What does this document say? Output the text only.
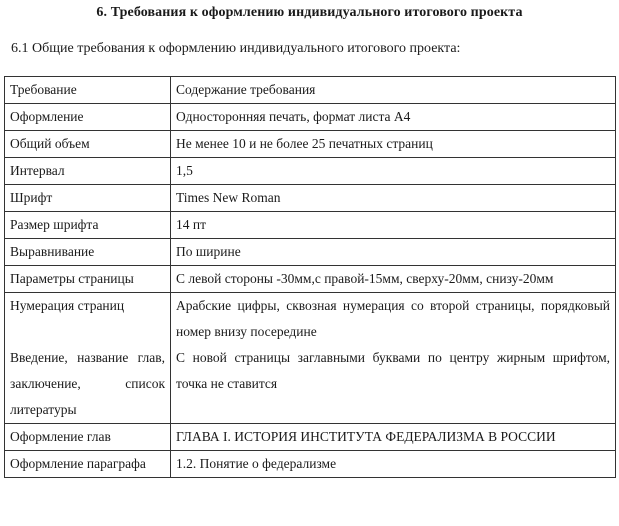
6. Требования к оформлению индивидуального итогового проекта
6.1 Общие требования к оформлению индивидуального итогового проекта:
Требование	Содержание требования
Оформление	Односторонняя печать, формат листа А4
Общий объем	Не менее 10 и не более 25 печатных страниц
Интервал	1,5
Шрифт	Times New Roman
Размер шрифта	14 пт
Выравнивание	По ширине
Параметры страницы	С левой стороны -30мм,с правой-15мм, сверху-20мм, снизу-20мм
Нумерация страниц	Арабские цифры, сквозная нумерация со второй страницы, порядковый номер внизу посередине
Введение, название глав, заключение, список литературы	С новой страницы заглавными буквами по центру жирным шрифтом, точка не ставится
Оформление глав	ГЛАВА I. ИСТОРИЯ ИНСТИТУТА ФЕДЕРАЛИЗМА В РОССИИ
Оформление параграфа	1.2. Понятие о федерализме
